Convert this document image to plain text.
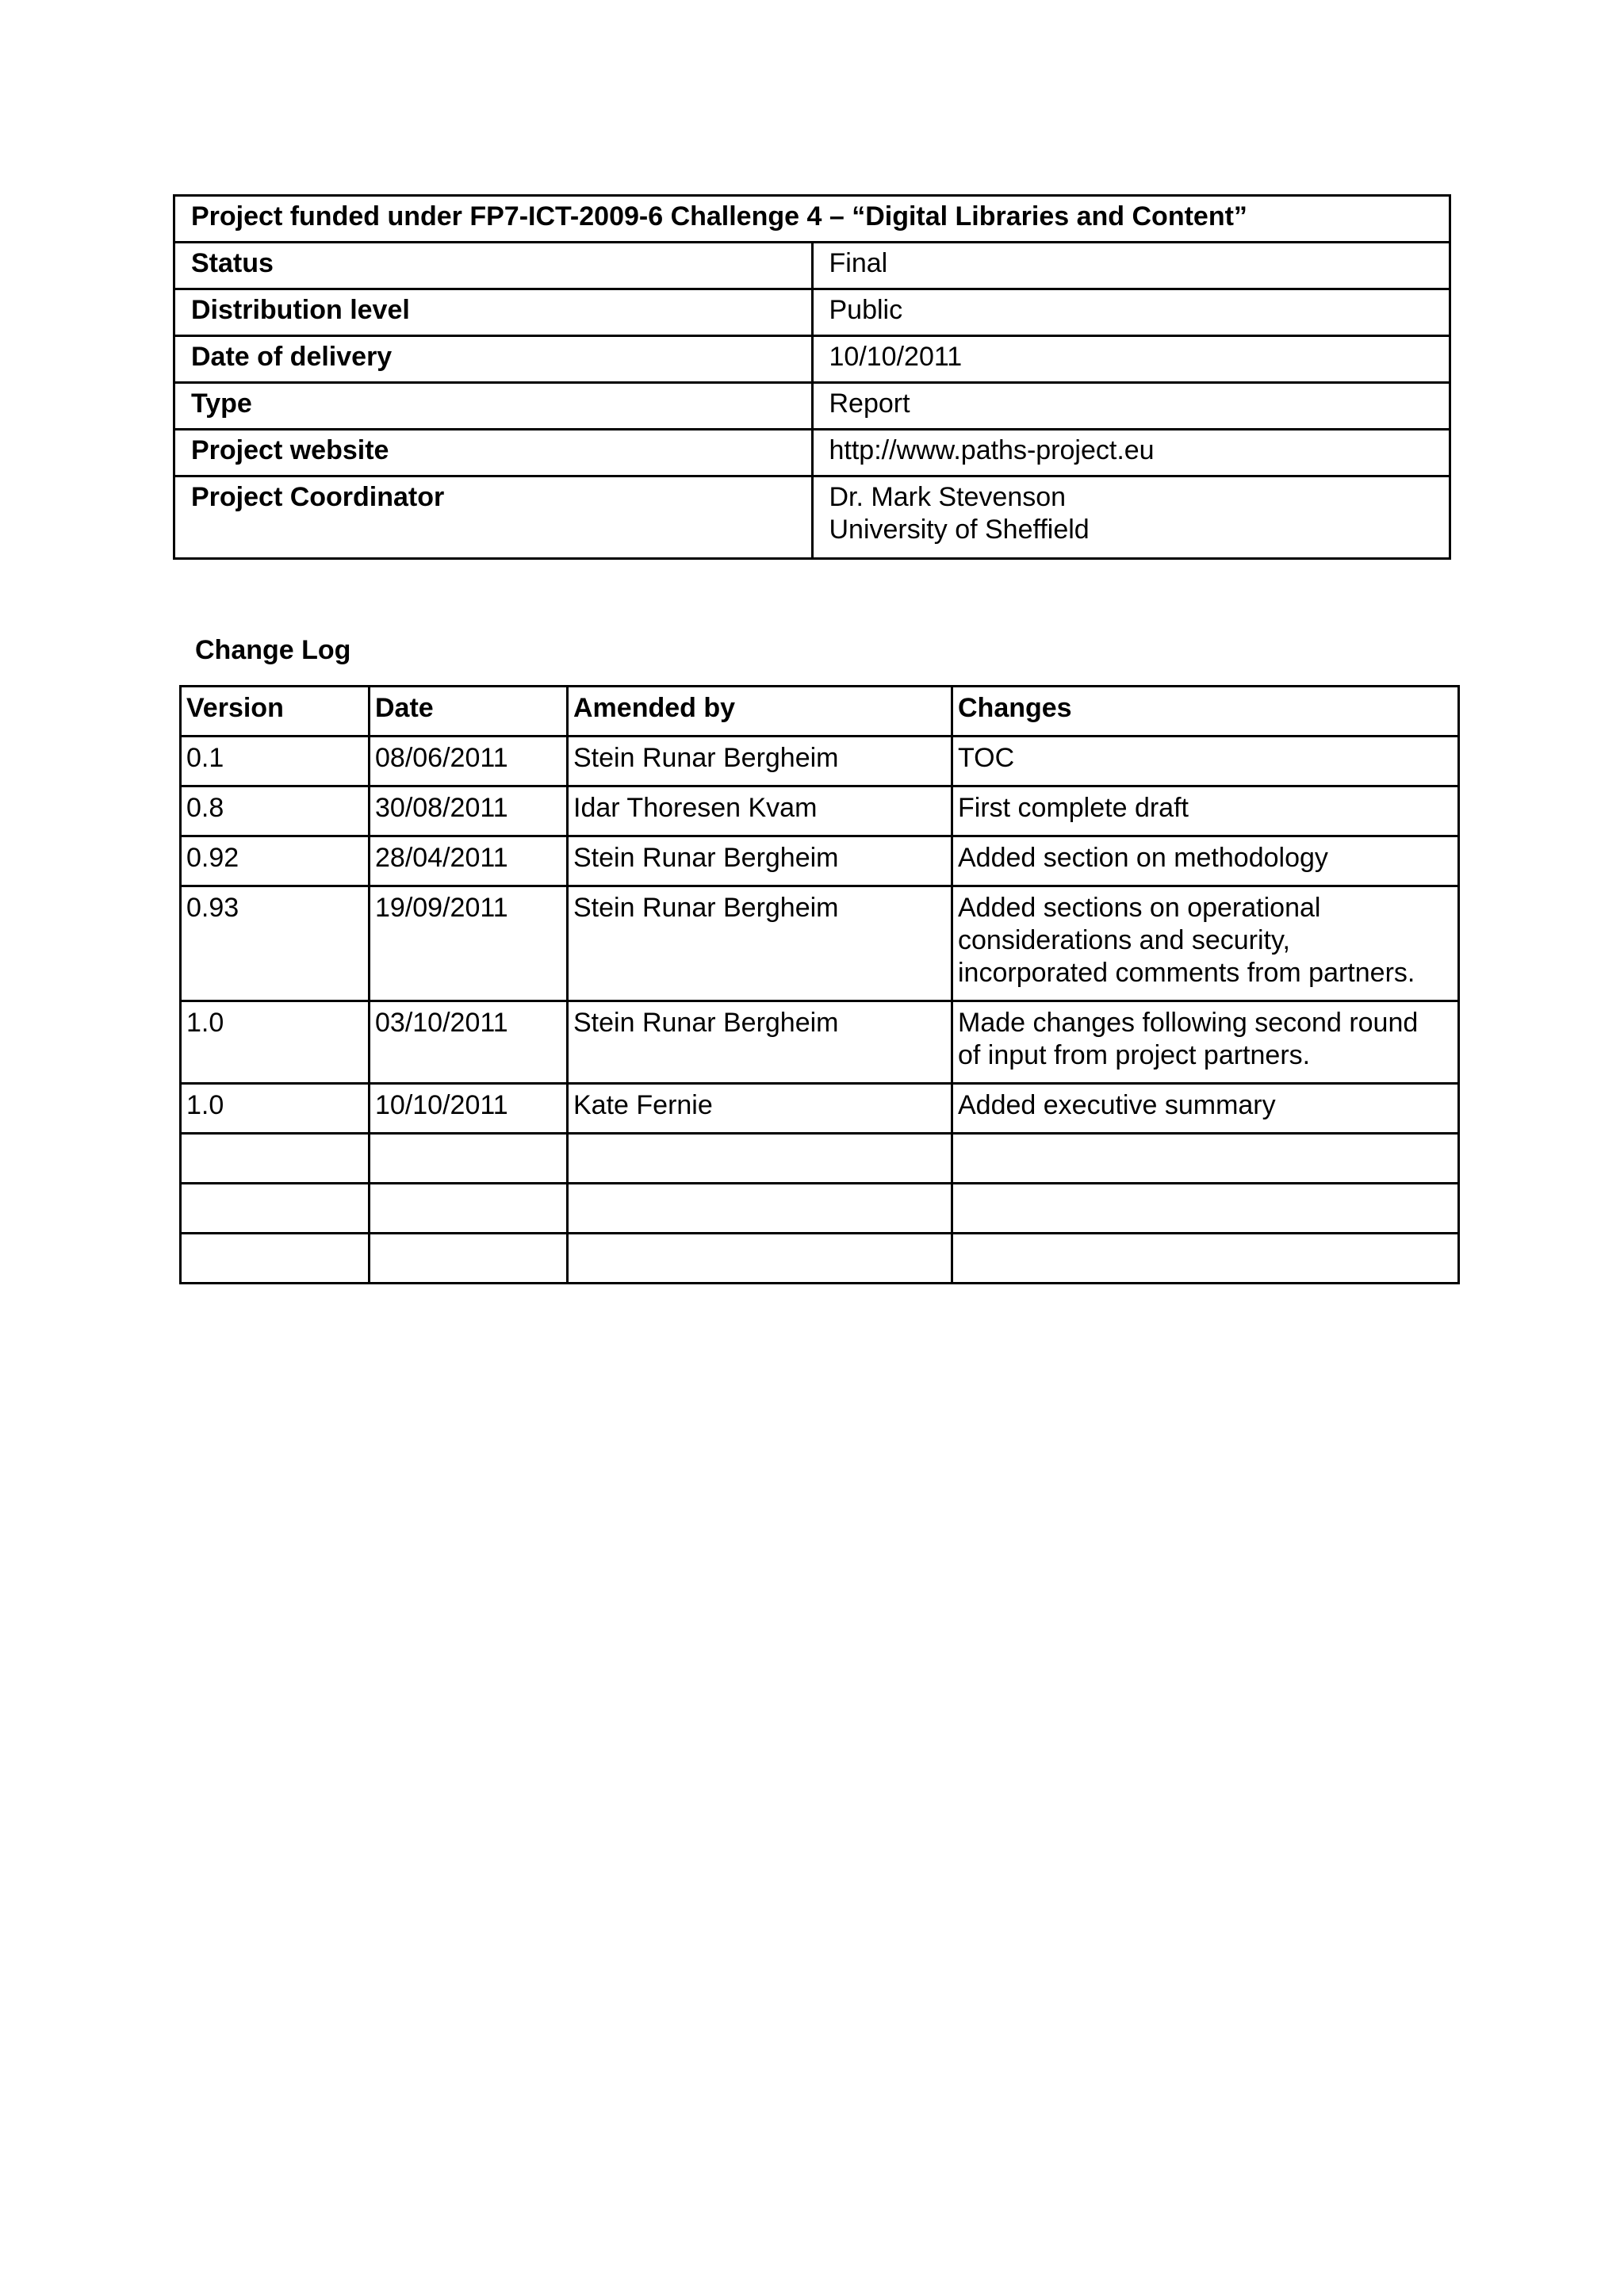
Project funded under FP7-ICT-2009-6 Challenge 4 – “Digital Libraries and Content”	
Status	Final
Distribution level	Public
Date of delivery	10/10/2011
Type	Report
Project website	http://www.paths-project.eu
Project Coordinator	Dr. Mark Stevenson
University of Sheffield
Change Log
Version	Date	Amended by	Changes
0.1	08/06/2011	Stein Runar Bergheim	TOC

0.8	30/08/2011	Idar Thoresen Kvam	First complete draft

0.92	28/04/2011	Stein Runar Bergheim	Added section on methodology

0.93	19/09/2011	Stein Runar Bergheim	Added sections on operational
considerations and security,
incorporated comments from partners.

1.0	03/10/2011	Stein Runar Bergheim	Made changes following second round
of input from project partners.

1.0	10/10/2011	Kate Fernie	Added executive summary
